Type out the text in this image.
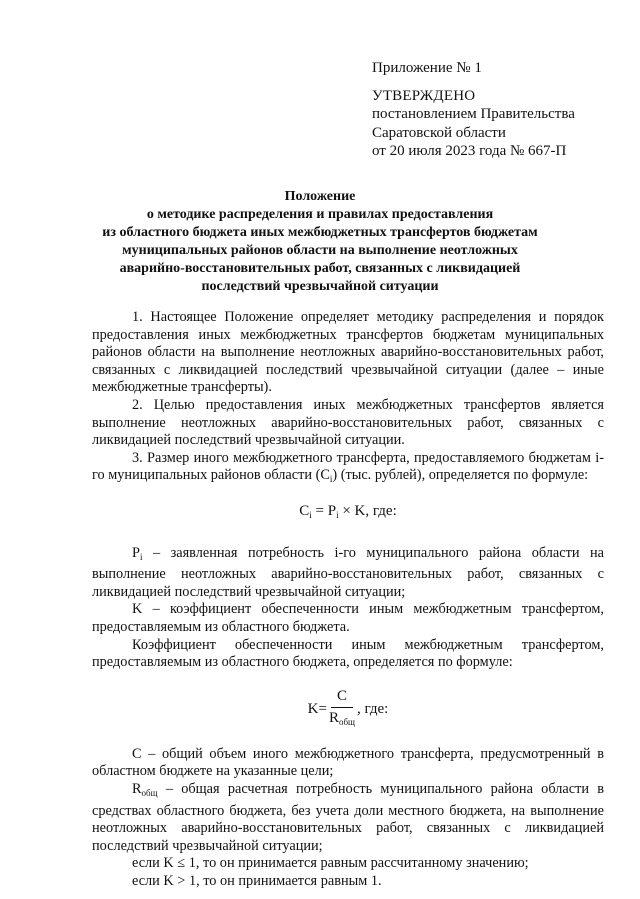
Приложение № 1
УТВЕРЖДЕНО
постановлением Правительства
Саратовской области
от 20 июля 2023 года № 667-П
Положение
о методике распределения и правилах предоставления
из областного бюджета иных межбюджетных трансфертов бюджетам
муниципальных районов области на выполнение неотложных
аварийно-восстановительных работ, связанных с ликвидацией
последствий чрезвычайной ситуации

1. Настоящее Положение определяет методику распределения и порядок предоставления иных межбюджетных трансфертов бюджетам муниципальных районов области на выполнение неотложных аварийно-восстановительных работ, связанных с ликвидацией последствий чрезвычайной ситуации (далее – иные межбюджетные трансферты).

2. Целью предоставления иных межбюджетных трансфертов является выполнение неотложных аварийно-восстановительных работ, связанных с ликвидацией последствий чрезвычайной ситуации.

3. Размер иного межбюджетного трансферта, предоставляемого бюджетам i-го муниципальных районов области $(C_i)$ (тыс. рублей), определяется по формуле:

$C_i = P_i \times K$, где:

$P_i$ – заявленная потребность i-го муниципального района области на выполнение неотложных аварийно-восстановительных работ, связанных с ликвидацией последствий чрезвычайной ситуации;

K – коэффициент обеспеченности иным межбюджетным трансфертом, предоставляемым из областного бюджета.

Коэффициент обеспеченности иным межбюджетным трансфертом, предоставляемым из областного бюджета, определяется по формуле:

$K= \frac{C}{R_{общ}}$ , где:

C – общий объем иного межбюджетного трансферта, предусмотренный в областном бюджете на указанные цели;

$R_{общ}$ – общая расчетная потребность муниципального района области в средствах областного бюджета, без учета доли местного бюджета, на выполнение неотложных аварийно-восстановительных работ, связанных с ликвидацией последствий чрезвычайной ситуации;

если K ≤ 1, то он принимается равным рассчитанному значению;

если K > 1, то он принимается равным 1.
